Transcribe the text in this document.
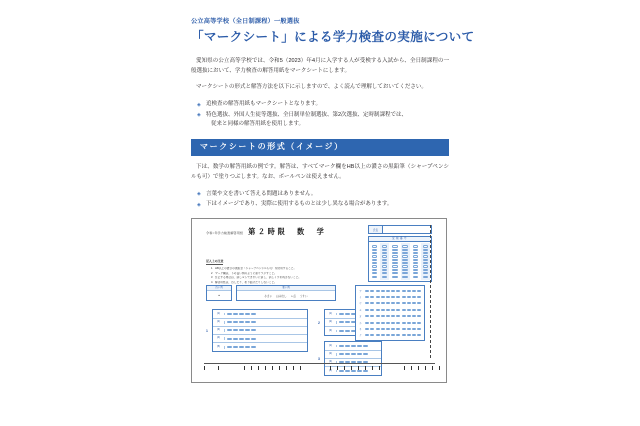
公立高等学校（全日制課程）一般選抜
「マークシート」による学力検査の実施について

愛知県の公立高等学校では、令和5（2023）年4月に入学する人が受検する入試から、全日制課程の一般選抜において、学力検査の解答用紙をマークシートにします。

マークシートの形式と解答方法を以下に示しますので、よく読んで理解しておいてください。

◈ 追検査の解答用紙もマークシートとなります。
◈ 特色選抜、外国人生徒等選抜、全日制単位制選抜、第2次選抜、定時制課程では、
従来と同様の解答用紙を使用します。
マークシートの形式（イメージ）

下は、数学の解答用紙の例です。解答は、すべてマーク欄をHB以上の濃さの黒鉛筆（シャープペンシルも可）で塗りつぶします。なお、ボールペンは使えません。

◈ 言葉や文を書いて答える問題はありません。
◈ 下はイメージであり、実際に使用するものとは少し異なる場合があります。
令和○年学力検査解答用紙 第２時限　数　学
記入上の注意
1 HB以上の濃さの黒鉛筆（シャープペンシルも可）を使用すること。
2 マーク欄は、下の良い例のように塗りつぶすこと。
3 訂正する場合は、消しゴムできれいに消し、消しくずを残さないこと。
4 解答用紙は、汚したり、折り曲げたりしないこと。
氏名
受検番号
良い例
●
悪い例
小さい はみ出し レ点 うすい
1
(1)
(2)
(3)
(4)
(5)
2
(1)
(2)
(3)
3
(1)
(2)
(3)
ア
イ
ウ
エ
オ
カ
キ
ク
